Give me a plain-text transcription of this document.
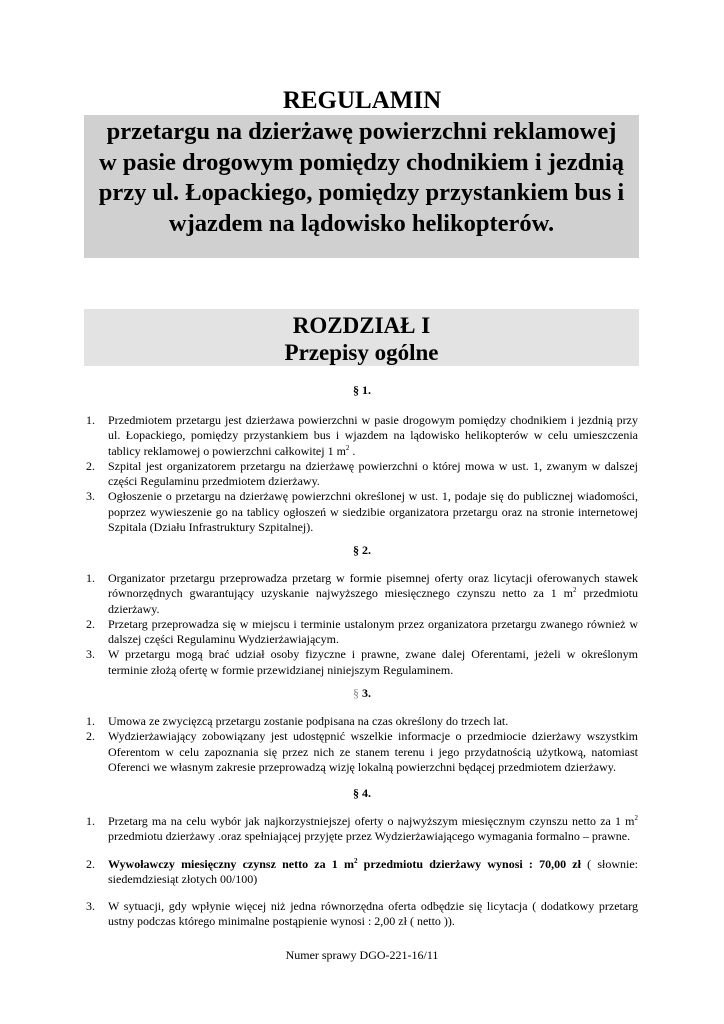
REGULAMIN
przetargu na dzierżawę powierzchni reklamowej
w pasie drogowym pomiędzy chodnikiem i jezdnią
przy ul. Łopackiego, pomiędzy przystankiem bus i
wjazdem na lądowisko helikopterów.
ROZDZIAŁ I
Przepisy ogólne
§ 1.
1. Przedmiotem przetargu jest dzierżawa powierzchni w pasie drogowym pomiędzy chodnikiem i jezdnią przy ul. Łopackiego, pomiędzy przystankiem bus i wjazdem na lądowisko helikopterów w celu umieszczenia tablicy reklamowej o powierzchni całkowitej 1 $m^2$ .
2. Szpital jest organizatorem przetargu na dzierżawę powierzchni o której mowa w ust. 1, zwanym w dalszej części Regulaminu przedmiotem dzierżawy.
3. Ogłoszenie o przetargu na dzierżawę powierzchni określonej w ust. 1, podaje się do publicznej wiadomości, poprzez wywieszenie go na tablicy ogłoszeń w siedzibie organizatora przetargu oraz na stronie internetowej Szpitala (Działu Infrastruktury Szpitalnej).
§ 2.
1. Organizator przetargu przeprowadza przetarg w formie pisemnej oferty oraz licytacji oferowanych stawek równorzędnych gwarantujący uzyskanie najwyższego miesięcznego czynszu netto za 1 $m^2$ przedmiotu dzierżawy.
2. Przetarg przeprowadza się w miejscu i terminie ustalonym przez organizatora przetargu zwanego również w dalszej części Regulaminu Wydzierżawiającym.
3. W przetargu mogą brać udział osoby fizyczne i prawne, zwane dalej Oferentami, jeżeli w określonym terminie złożą ofertę w formie przewidzianej niniejszym Regulaminem.
§ 3.
1. Umowa ze zwycięzcą przetargu zostanie podpisana na czas określony do trzech lat.
2. Wydzierżawiający zobowiązany jest udostępnić wszelkie informacje o przedmiocie dzierżawy wszystkim Oferentom w celu zapoznania się przez nich ze stanem terenu i jego przydatnością użytkową, natomiast Oferenci we własnym zakresie przeprowadzą wizję lokalną powierzchni będącej przedmiotem dzierżawy.
§ 4.
1. Przetarg ma na celu wybór jak najkorzystniejszej oferty o najwyższym miesięcznym czynszu netto za 1 $m^2$ przedmiotu dzierżawy .oraz spełniającej przyjęte przez Wydzierżawiającego wymagania formalno – prawne.
2. Wywoławczy miesięczny czynsz netto za 1 $m^2$ przedmiotu dzierżawy wynosi : 70,00 zł ( słownie: siedemdziesiąt złotych 00/100)
3. W sytuacji, gdy wpłynie więcej niż jedna równorzędna oferta odbędzie się licytacja ( dodatkowy przetarg ustny podczas którego minimalne postąpienie wynosi : 2,00 zł ( netto )).
Numer sprawy DGO-221-16/11
